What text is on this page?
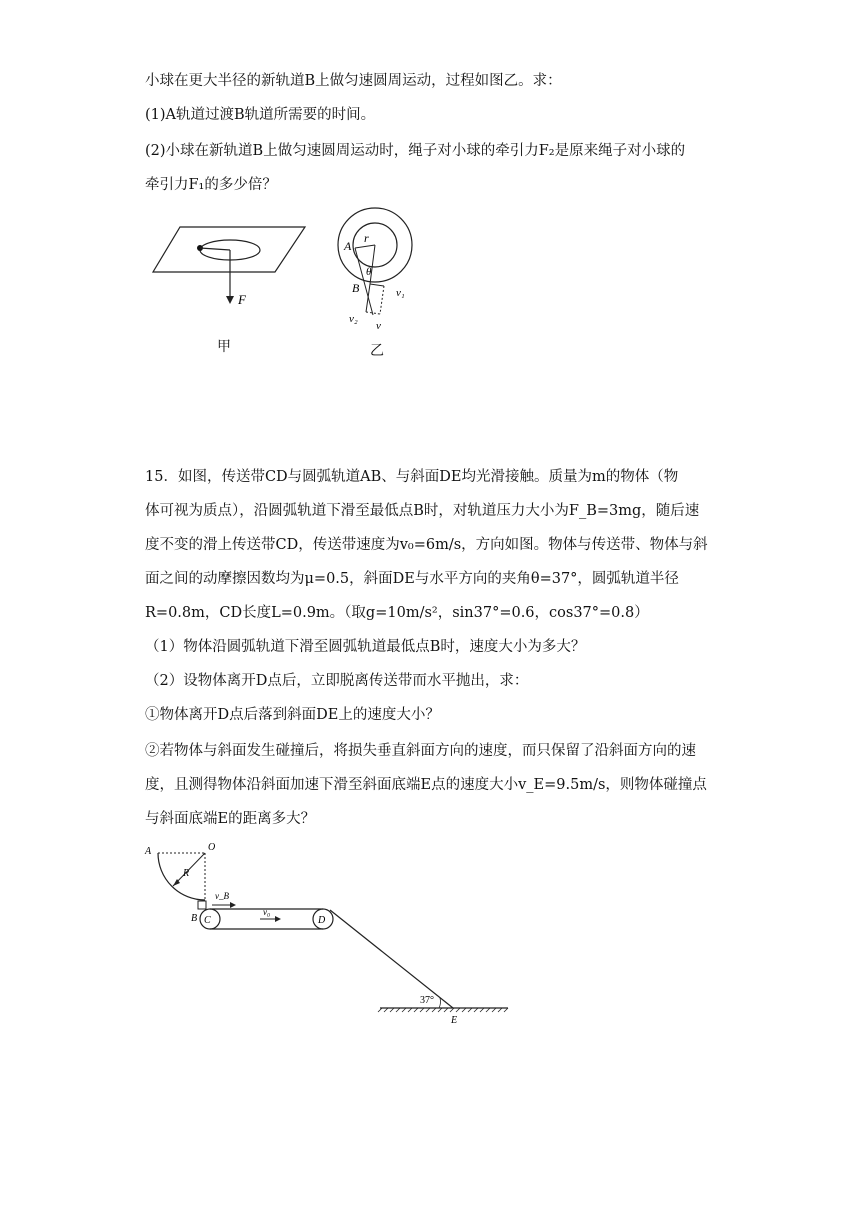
小球在更大半径的新轨道B上做匀速圆周运动，过程如图乙。求：
(1)A轨道过渡B轨道所需要的时间。
(2)小球在新轨道B上做匀速圆周运动时，绳子对小球的牵引力F₂是原来绳子对小球的
牵引力F₁的多少倍？
F
甲
A
r
θ
B	v₁
v₂
v
乙
15．如图，传送带CD与圆弧轨道AB、与斜面DE均光滑接触。质量为m的物体（物
体可视为质点），沿圆弧轨道下滑至最低点B时，对轨道压力大小为F_B=3mg，随后速
度不变的滑上传送带CD，传送带速度为v₀=6m/s，方向如图。物体与传送带、物体与斜
面之间的动摩擦因数均为μ=0.5，斜面DE与水平方向的夹角θ=37°，圆弧轨道半径
R=0.8m，CD长度L=0.9m。（取g=10m/s²，sin37°=0.6，cos37°=0.8）
（1）物体沿圆弧轨道下滑至圆弧轨道最低点B时，速度大小为多大？
（2）设物体离开D点后，立即脱离传送带而水平抛出，求：
①物体离开D点后落到斜面DE上的速度大小？
②若物体与斜面发生碰撞后，将损失垂直斜面方向的速度，而只保留了沿斜面方向的速
度，且测得物体沿斜面加速下滑至斜面底端E点的速度大小v_E=9.5m/s，则物体碰撞点
与斜面底端E的距离多大？
A	O
R
B C	D
v_B
v₀
37°
E
